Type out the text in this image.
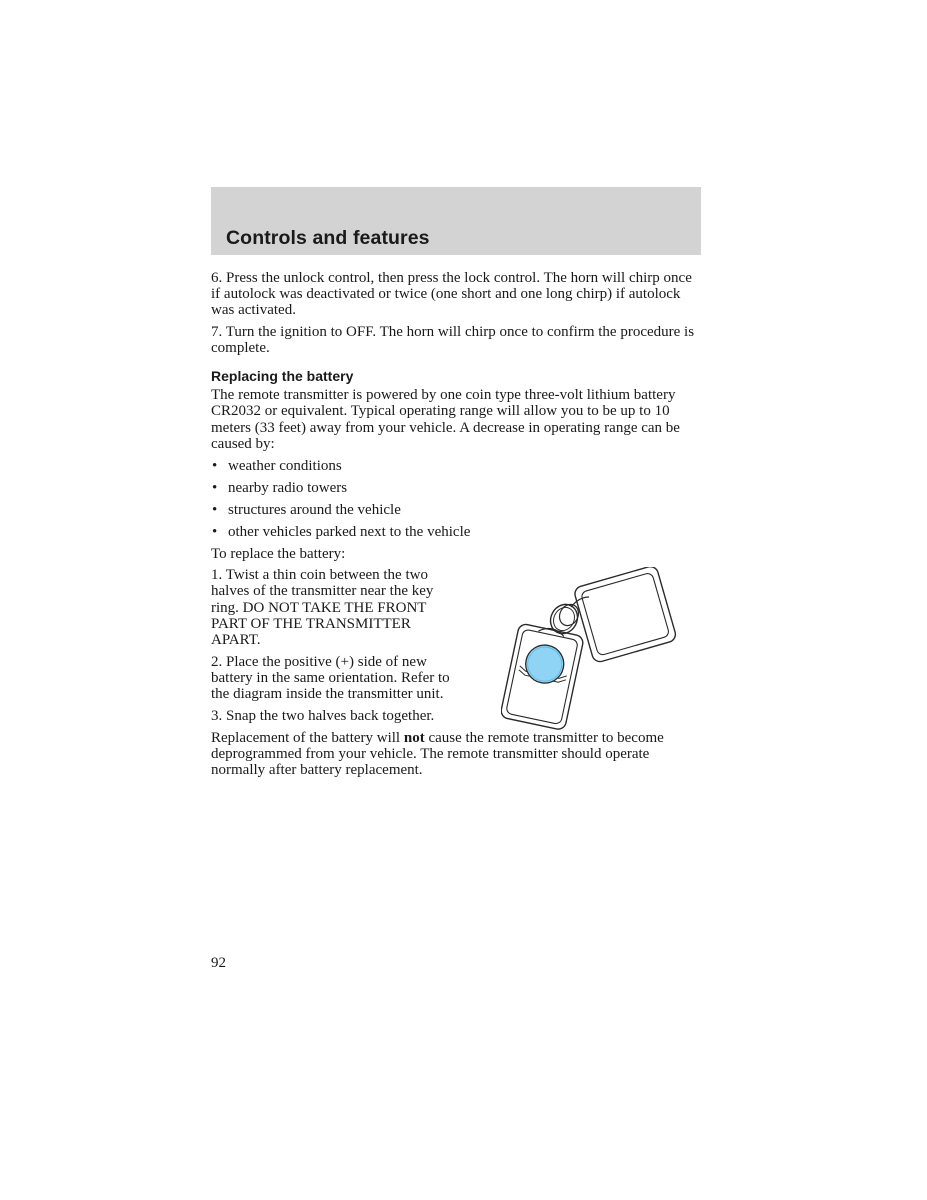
Controls and features

6. Press the unlock control, then press the lock control. The horn will chirp once if autolock was deactivated or twice (one short and one long chirp) if autolock was activated.

7. Turn the ignition to OFF. The horn will chirp once to confirm the procedure is complete.

Replacing the battery

The remote transmitter is powered by one coin type three-volt lithium battery CR2032 or equivalent. Typical operating range will allow you to be up to 10 meters (33 feet) away from your vehicle. A decrease in operating range can be caused by:

• weather conditions
• nearby radio towers
• structures around the vehicle
• other vehicles parked next to the vehicle

To replace the battery:

1. Twist a thin coin between the two halves of the transmitter near the key ring. DO NOT TAKE THE FRONT PART OF THE TRANSMITTER APART.

2. Place the positive (+) side of new battery in the same orientation. Refer to the diagram inside the transmitter unit.

3. Snap the two halves back together.

Replacement of the battery will not cause the remote transmitter to become deprogrammed from your vehicle. The remote transmitter should operate normally after battery replacement.

92
